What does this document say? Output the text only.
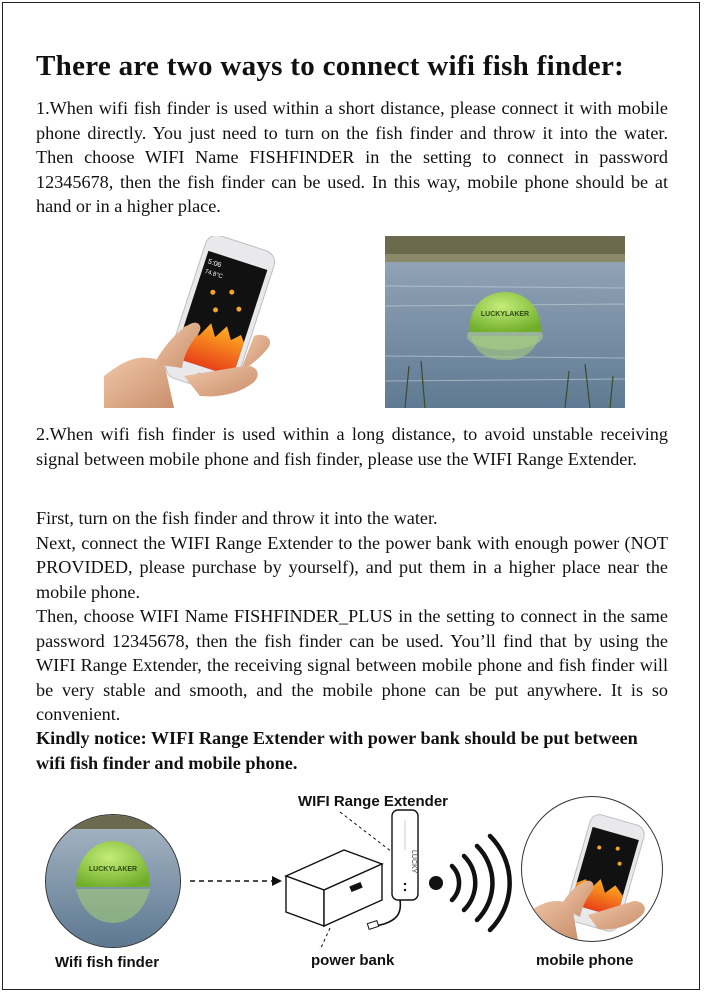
There are two ways to connect wifi fish finder:
1.When wifi fish finder is used within a short distance, please connect it with mobile phone directly. You just need to turn on the fish finder and throw it into the water. Then choose WIFI Name FISHFINDER in the setting to connect in password 12345678, then the fish finder can be used. In this way, mobile phone should be at hand or in a higher place.
5:06
74.8°C
LUCKYLAKER
2.When wifi fish finder is used within a long distance, to avoid unstable receiving signal between mobile phone and fish finder, please use the WIFI Range Extender.

First, turn on the fish finder and throw it into the water.

Next, connect the WIFI Range Extender to the power bank with enough power (NOT PROVIDED, please purchase by yourself), and put them in a higher place near the mobile phone.

Then, choose WIFI Name FISHFINDER_PLUS in the setting to connect in the same password 12345678, then the fish finder can be used. You’ll find that by using the WIFI Range Extender, the receiving signal between mobile phone and fish finder will be very stable and smooth, and the mobile phone can be put anywhere. It is so convenient.

Kindly notice: WIFI Range Extender with power bank should be put between wifi fish finder and mobile phone.
LUCKYLAKER	LUCKY
WIFI Range Extender
Wifi fish finder	power bank	mobile phone
